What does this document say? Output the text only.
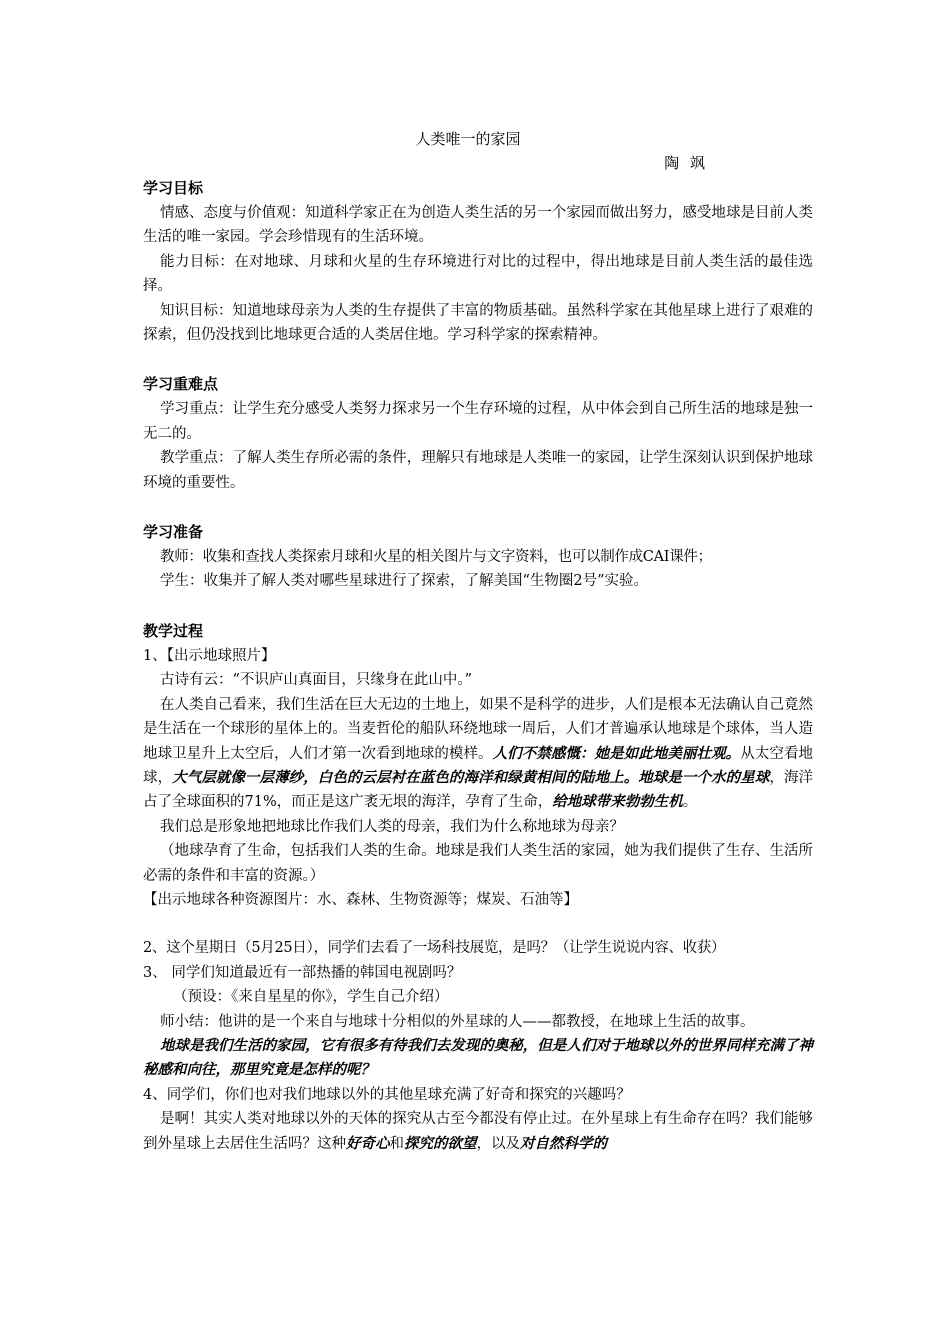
人类唯一的家园
陶 飒
学习目标
情感、态度与价值观：知道科学家正在为创造人类生活的另一个家园而做出努力，感受地球是目前人类生活的唯一家园。学会珍惜现有的生活环境。
能力目标：在对地球、月球和火星的生存环境进行对比的过程中，得出地球是目前人类生活的最佳选择。
知识目标：知道地球母亲为人类的生存提供了丰富的物质基础。虽然科学家在其他星球上进行了艰难的探索，但仍没找到比地球更合适的人类居住地。学习科学家的探索精神。
学习重难点
学习重点：让学生充分感受人类努力探求另一个生存环境的过程，从中体会到自己所生活的地球是独一无二的。
教学重点：了解人类生存所必需的条件，理解只有地球是人类唯一的家园，让学生深刻认识到保护地球环境的重要性。
学习准备
教师：收集和查找人类探索月球和火星的相关图片与文字资料，也可以制作成CAI课件；
学生：收集并了解人类对哪些星球进行了探索，了解美国“生物圈2号”实验。
教学过程
1、【出示地球照片】
古诗有云：“不识庐山真面目，只缘身在此山中。”
在人类自己看来，我们生活在巨大无边的土地上，如果不是科学的进步，人们是根本无法确认自己竟然是生活在一个球形的星体上的。当麦哲伦的船队环绕地球一周后，人们才普遍承认地球是个球体，当人造地球卫星升上太空后，人们才第一次看到地球的模样。人们不禁感慨：她是如此地美丽壮观。从太空看地球，大气层就像一层薄纱，白色的云层衬在蓝色的海洋和绿黄相间的陆地上。地球是一个水的星球，海洋占了全球面积的71%，而正是这广袤无垠的海洋，孕育了生命，给地球带来勃勃生机。
我们总是形象地把地球比作我们人类的母亲，我们为什么称地球为母亲？
（地球孕育了生命，包括我们人类的生命。地球是我们人类生活的家园，她为我们提供了生存、生活所必需的条件和丰富的资源。）
【出示地球各种资源图片：水、森林、生物资源等；煤炭、石油等】
2、这个星期日（5月25日），同学们去看了一场科技展览，是吗？（让学生说说内容、收获）
3、 同学们知道最近有一部热播的韩国电视剧吗？
（预设：《来自星星的你》，学生自己介绍）
师小结：他讲的是一个来自与地球十分相似的外星球的人——都教授，在地球上生活的故事。
地球是我们生活的家园，它有很多有待我们去发现的奥秘，但是人们对于地球以外的世界同样充满了神秘感和向往，那里究竟是怎样的呢？
4、同学们，你们也对我们地球以外的其他星球充满了好奇和探究的兴趣吗？
是啊！其实人类对地球以外的天体的探究从古至今都没有停止过。在外星球上有生命存在吗？我们能够到外星球上去居住生活吗？这种好奇心和探究的欲望，以及对自然科学的
